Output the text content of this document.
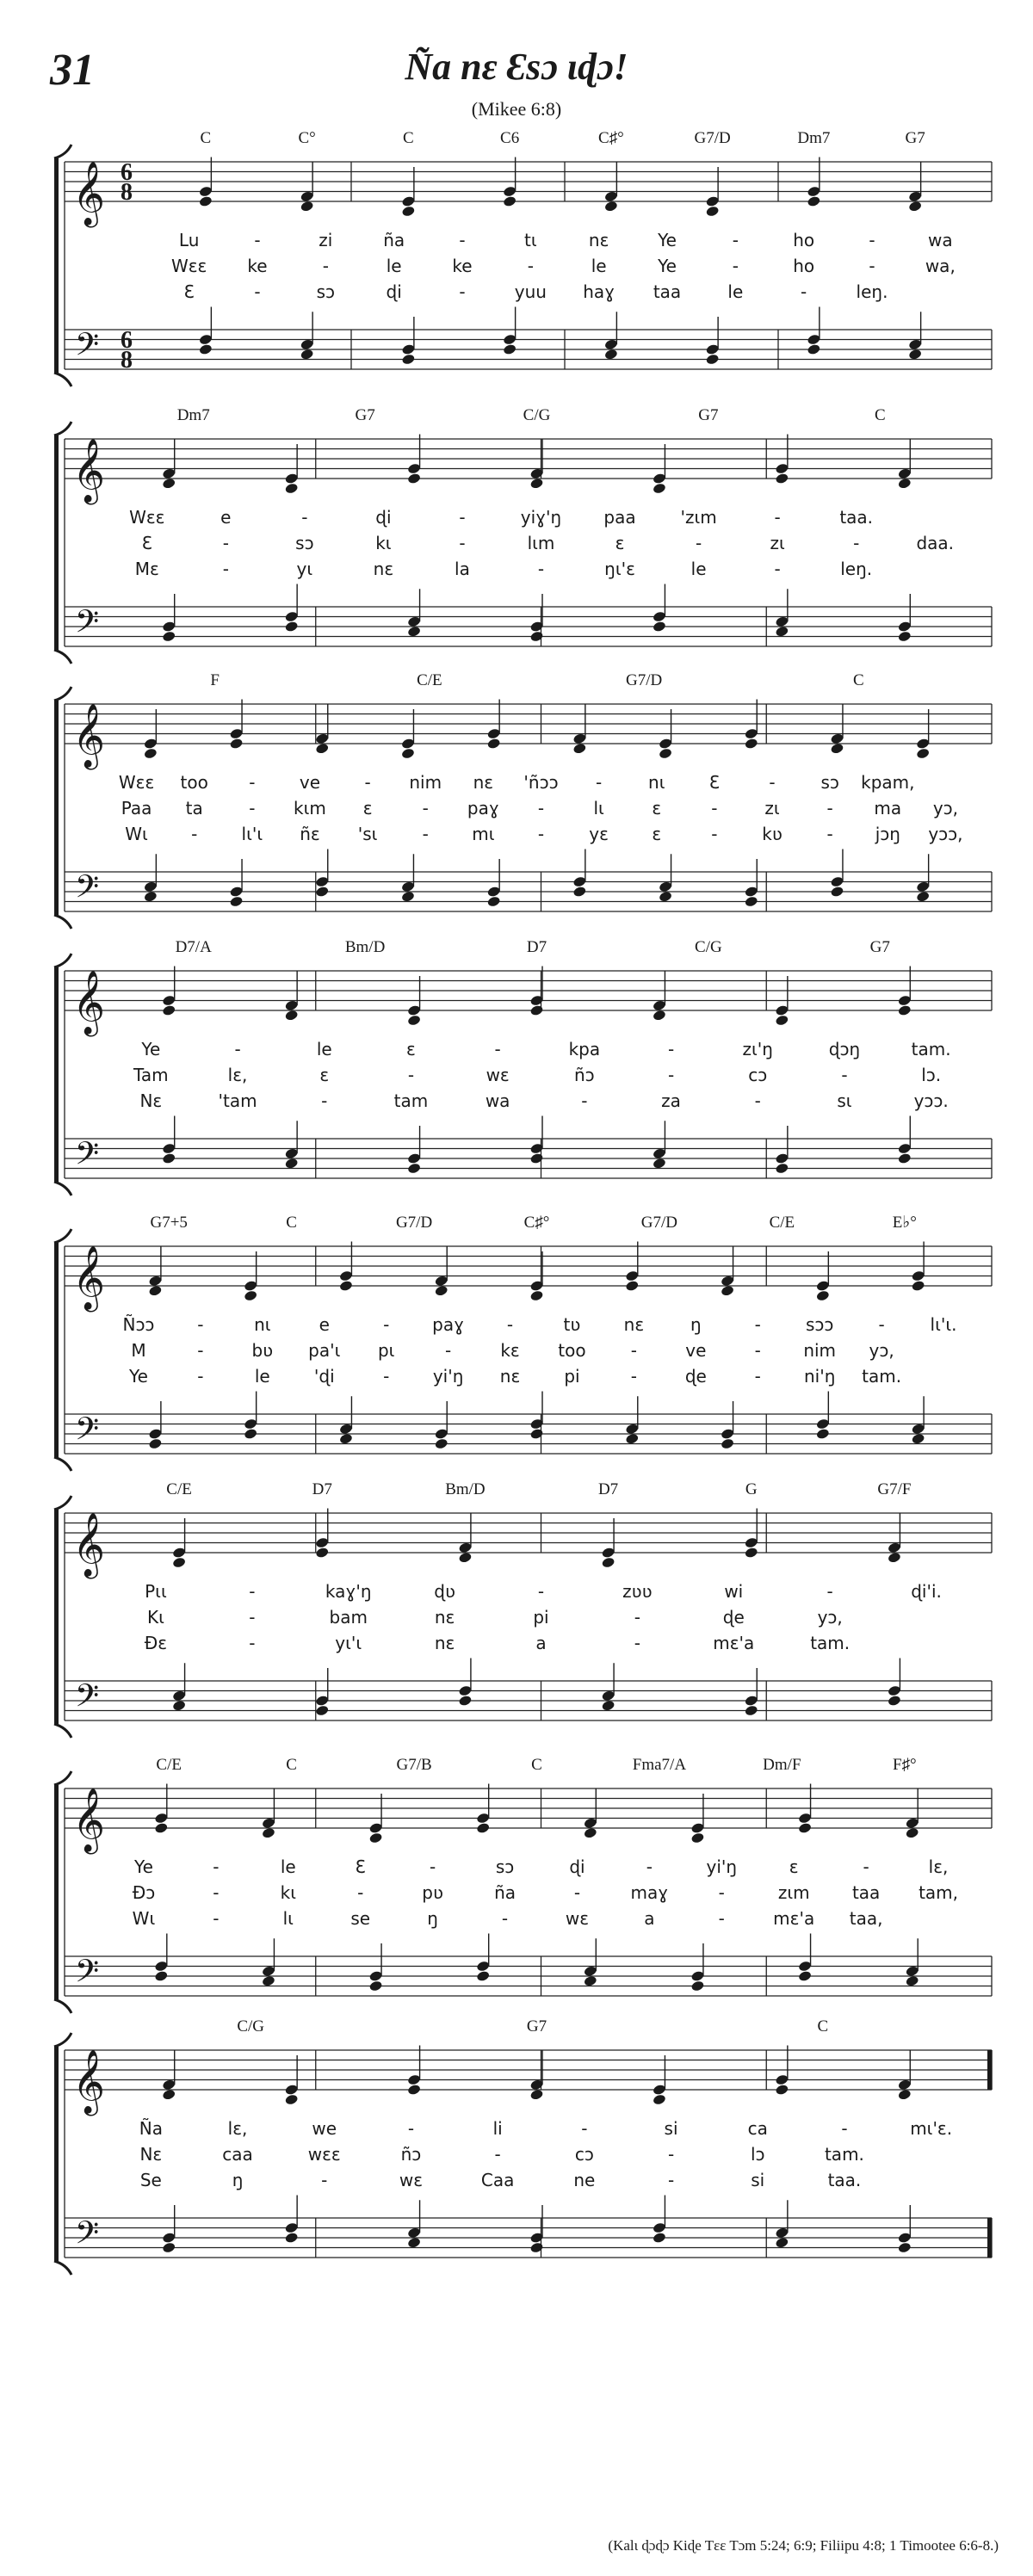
31	Ña nɛ Ɛsɔ ɩɖɔ!
(Mikee 6:8)
𝄞
𝄢
6
8
6
8
C	C°	C	C6	C♯°	G7/D	Dm7	G7
Lu	-	zi	ña	-	tɩ	nɛ	Ye	-	ho	-	wa
Wɛɛ ke	-	le	ke	-	le	Ye	-	ho	-	wa,
Ɛ	-	sɔ	ɖi	-	yuu haɣ taa	le	-	leŋ.
𝄞
𝄢
Dm7	G7	C/G	G7	C
Wɛɛ	e	-	ɖi	-	yiɣ'ŋ paa	'zɩm	-	taa.
Ɛ	-	sɔ	kɩ	-	lɩm	ɛ	-	zɩ	-	daa.
Mɛ	-	yɩ	nɛ	la	-	ŋɩ'ɛ	le	-	leŋ.
𝄞
𝄢
F	C/E	G7/D	C
Wɛɛ too -	ve	- nim nɛ 'ñɔɔ -	nɩ	Ɛ	-	sɔ kpam,
Paa ta	- kɩm ɛ	- paɣ -	lɩ	ɛ	-	zɩ	- ma yɔ,
Wɩ	-	lɩ'ɩ ñɛ 'sɩ	-	mɩ	-	yɛ	ɛ	-	kʋ	- jɔŋ yɔɔ,
𝄞
𝄢
D7/A	Bm/D	D7	C/G	G7
Ye	-	le	ɛ	-	kpa	-	zɩ'ŋ	ɖɔŋ	tam.
Tam	lɛ,	ɛ	-	wɛ	ñɔ	-	cɔ	-	lɔ.
Nɛ	'tam	-	tam	wa	-	za	-	sɩ	yɔɔ.
𝄞
𝄢
G7+5	C	G7/D	C♯°	G7/D	C/E	E♭°
Ñɔɔ -	nɩ	e	- paɣ -	tʋ	nɛ	ŋ	-	sɔɔ	-	lɩ'ɩ.
M	-	bʋ pa'ɩ pɩ	-	kɛ too	-	ve	- nim yɔ,
Ye	-	le	'ɖi	-	yi'ŋ nɛ	pi	-	ɖe	-	ni'ŋ tam.
𝄞
𝄢
C/E	D7	Bm/D	D7	G	G7/F
Pɩɩ	-	kaɣ'ŋ	ɖʋ	-	zʋʋ	wi	-	ɖi'i.
Kɩ	-	bam	nɛ	pi	-	ɖe	yɔ,
Ɖɛ	-	yɩ'ɩ	nɛ	a	-	mɛ'a	tam.
𝄞
𝄢
C/E	C	G7/B	C	Fma7/A	Dm/F	F♯°
Ye	-	le	Ɛ	-	sɔ	ɖi	-	yi'ŋ	ɛ	-	lɛ,
Ɖɔ	-	kɩ	-	pʋ	ña	-	maɣ	-	zɩm taa tam,
Wɩ	-	lɩ	se	ŋ	-	wɛ	a	-	mɛ'a taa,
𝄞
𝄢
C/G	G7	C
Ña	lɛ,	we	-	li	-	si	ca	-	mɩ'ɛ.
Nɛ	caa	wɛɛ	ñɔ	-	cɔ	-	lɔ	tam.
Se	ŋ	-	wɛ	Caa	ne	-	si	taa.
(Kalɩ ɖɔɖɔ Kiɖe Tɛɛ Tɔm 5:24; 6:9; Filiipu 4:8; 1 Timootee 6:6-8.)
